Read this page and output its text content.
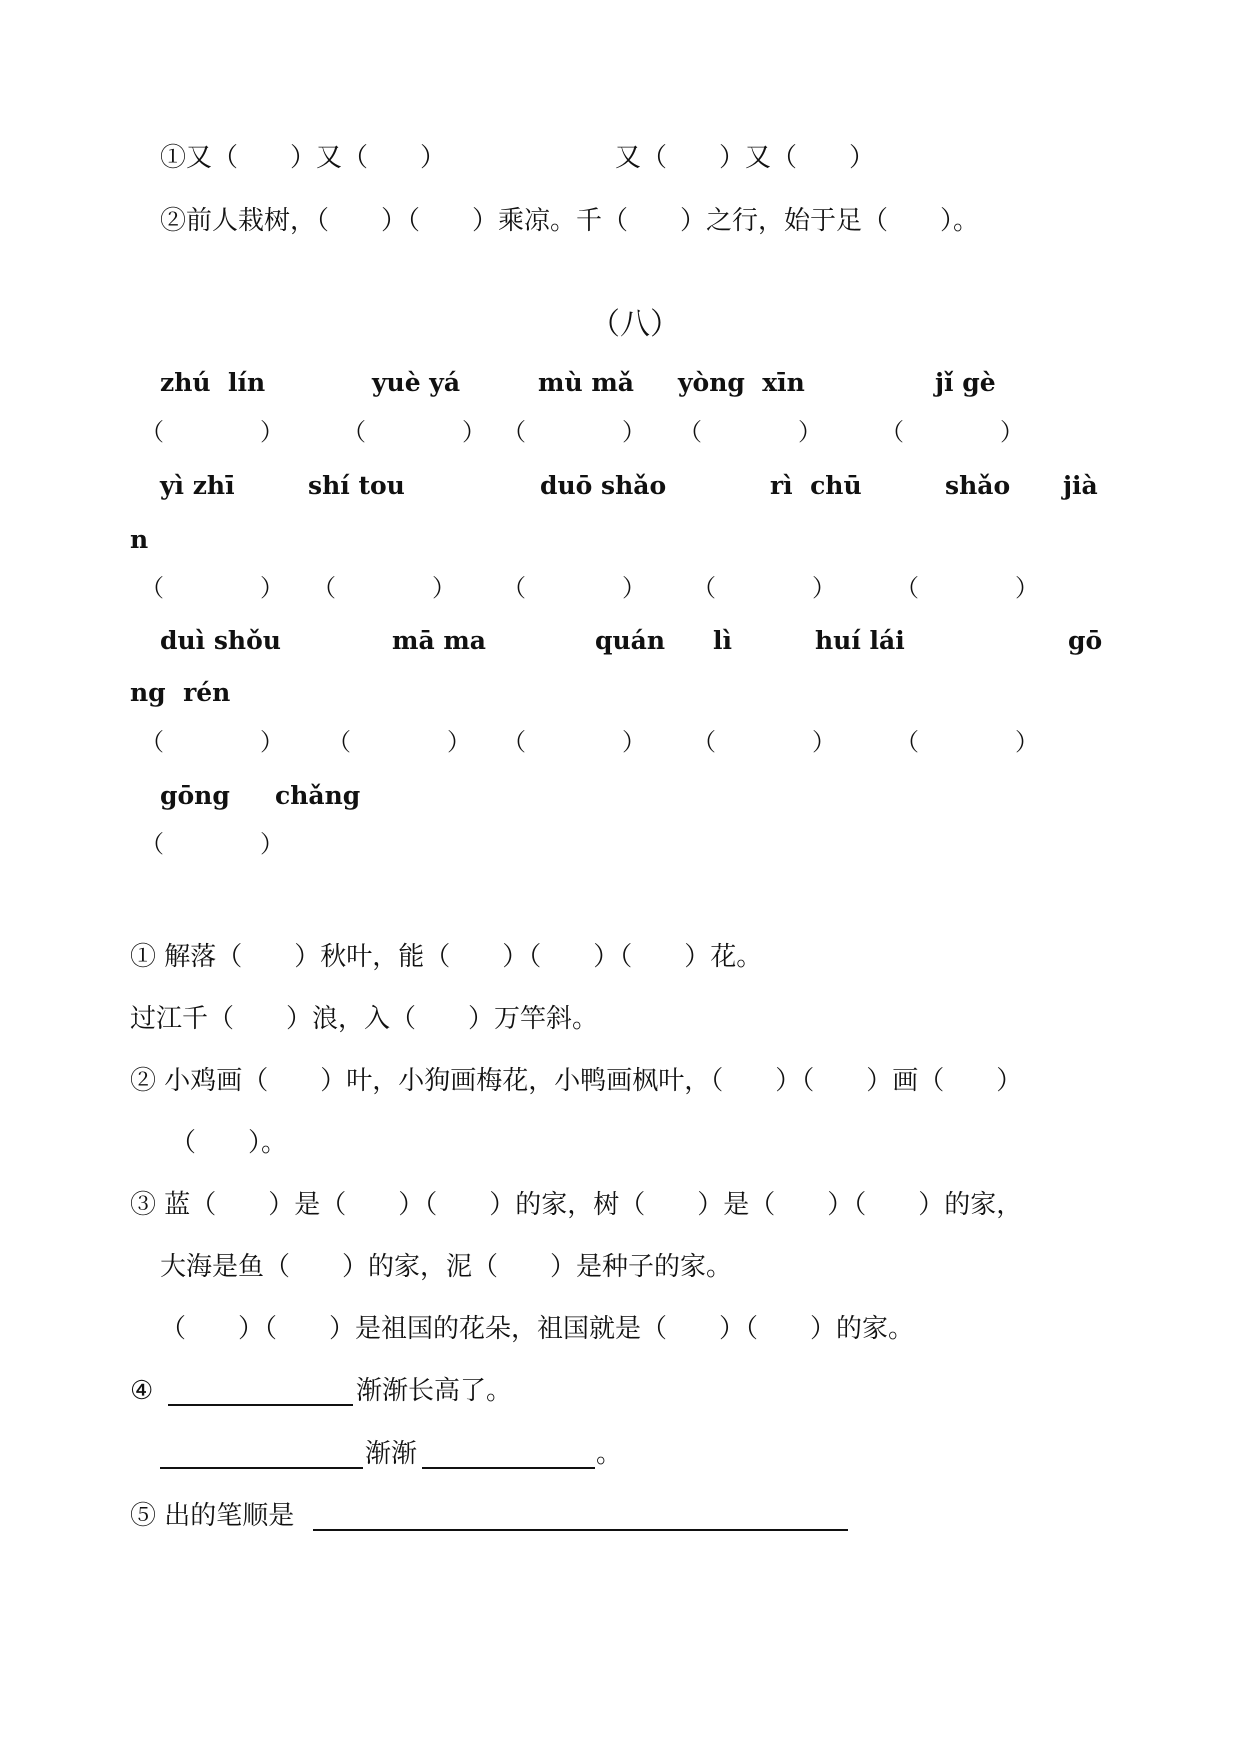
①又（　　）又（　　）　　　　　　　又（　　）又（　　）
②前人栽树，（　　）（　　）乘凉。千（　　）之行，始于足（　　）。
（八）
zhú  lín	yuè yá	mù mǎ yòng  xīn	jǐ gè
（　　　　） （　　　　） （　　　　） （　　　　） （　　　　）
yì zhī	shí tou	duō shǎo	rì  chū	shǎo jià
n
（　　　　） （　　　　） （　　　　） （　　　　） （　　　　）
duì shǒu	mā ma	quán lì	huí lái	gō
ng  rén
（　　　　） （　　　　） （　　　　） （　　　　） （　　　　）
gōng chǎng
（　　　　）
① 解落（　　）秋叶，能（　　）（　　）（　　）花。
过江千（　　）浪，入（　　）万竿斜。
② 小鸡画（　　）叶，小狗画梅花，小鸭画枫叶，（　　）（　　）画（　　）
（　　）。
③ 蓝（　　）是（　　）（　　）的家，树（　　）是（　　）（　　）的家，
大海是鱼（　　）的家，泥（　　）是种子的家。
（　　）（　　）是祖国的花朵，祖国就是（　　）（　　）的家。
④	渐渐长高了。
渐渐	。
⑤ 出的笔顺是
